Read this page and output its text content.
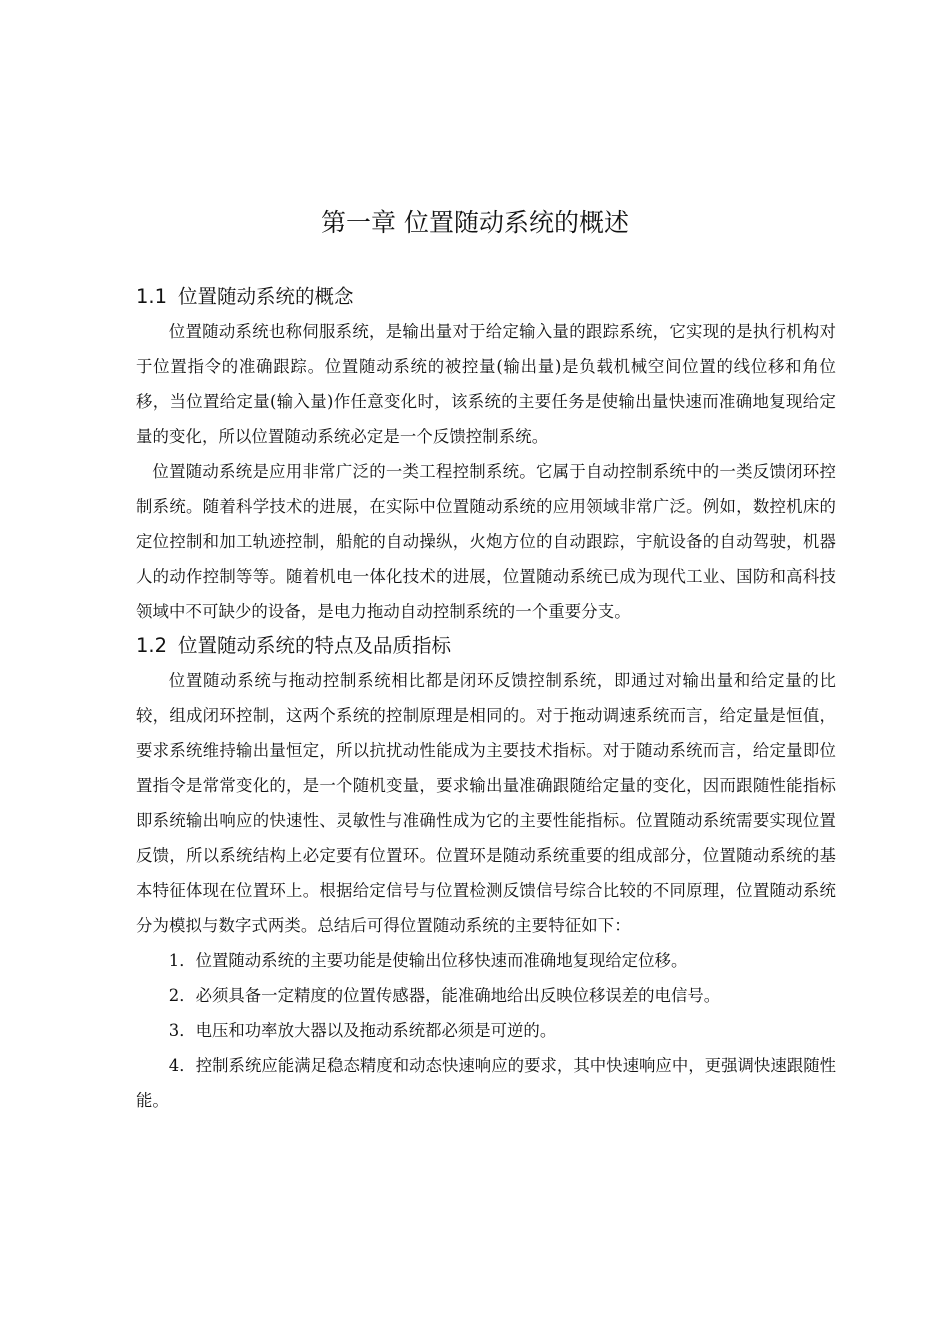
第一章 位置随动系统的概述
1.1 位置随动系统的概念

位置随动系统也称伺服系统，是输出量对于给定输入量的跟踪系统，它实现的是执行机构对于位置指令的准确跟踪。位置随动系统的被控量(输出量)是负载机械空间位置的线位移和角位移，当位置给定量(输入量)作任意变化时，该系统的主要任务是使输出量快速而准确地复现给定量的变化，所以位置随动系统必定是一个反馈控制系统。

位置随动系统是应用非常广泛的一类工程控制系统。它属于自动控制系统中的一类反馈闭环控制系统。随着科学技术的进展，在实际中位置随动系统的应用领域非常广泛。例如，数控机床的定位控制和加工轨迹控制，船舵的自动操纵，火炮方位的自动跟踪，宇航设备的自动驾驶，机器人的动作控制等等。随着机电一体化技术的进展，位置随动系统已成为现代工业、国防和高科技领域中不可缺少的设备，是电力拖动自动控制系统的一个重要分支。

1.2 位置随动系统的特点及品质指标

位置随动系统与拖动控制系统相比都是闭环反馈控制系统，即通过对输出量和给定量的比较，组成闭环控制，这两个系统的控制原理是相同的。对于拖动调速系统而言，给定量是恒值，要求系统维持输出量恒定，所以抗扰动性能成为主要技术指标。对于随动系统而言，给定量即位置指令是常常变化的，是一个随机变量，要求输出量准确跟随给定量的变化，因而跟随性能指标即系统输出响应的快速性、灵敏性与准确性成为它的主要性能指标。位置随动系统需要实现位置反馈，所以系统结构上必定要有位置环。位置环是随动系统重要的组成部分，位置随动系统的基本特征体现在位置环上。根据给定信号与位置检测反馈信号综合比较的不同原理，位置随动系统分为模拟与数字式两类。总结后可得位置随动系统的主要特征如下：

1．位置随动系统的主要功能是使输出位移快速而准确地复现给定位移。

2．必须具备一定精度的位置传感器，能准确地给出反映位移误差的电信号。

3．电压和功率放大器以及拖动系统都必须是可逆的。

4．控制系统应能满足稳态精度和动态快速响应的要求，其中快速响应中，更强调快速跟随性能。
